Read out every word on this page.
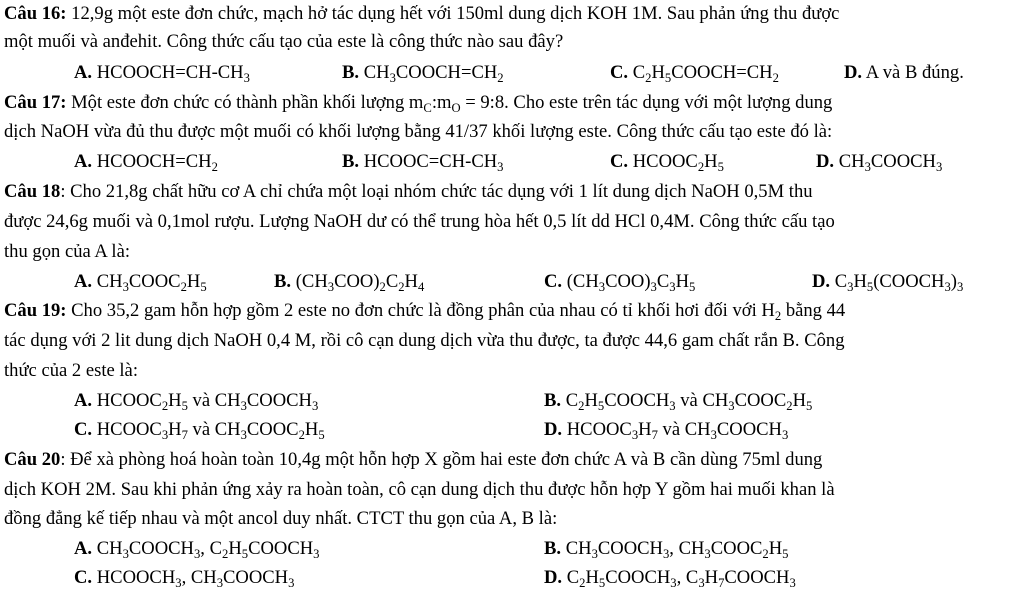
Câu 16: 12,9g một este đơn chức, mạch hở tác dụng hết với 150ml dung dịch KOH 1M. Sau phản ứng thu được
một muối và anđehit. Công thức cấu tạo của este là công thức nào sau đây?
A. $HCOOCH=CH-CH_3$	B. $CH_3COOCH=CH_2$	C. $C_2H_5COOCH=CH_2$	D. A và B đúng.
Câu 17: Một este đơn chức có thành phần khối lượng $m_C:m_O$ = 9:8. Cho este trên tác dụng với một lượng dung
dịch NaOH vừa đủ thu được một muối có khối lượng bằng 41/37 khối lượng este. Công thức cấu tạo este đó là:
A. $HCOOCH=CH_2$	B. $HCOOC=CH-CH_3$	C. $HCOOC_2H_5$	D. $CH_3COOCH_3$
Câu 18: Cho 21,8g chất hữu cơ A chỉ chứa một loại nhóm chức tác dụng với 1 lít dung dịch NaOH 0,5M thu
được 24,6g muối và 0,1mol rượu. Lượng NaOH dư có thể trung hòa hết 0,5 lít dd HCl 0,4M. Công thức cấu tạo
thu gọn của A là:
A. $CH_3COOC_2H_5$	B. $(CH_3COO)_2C_2H_4$	C. $(CH_3COO)_3C_3H_5$	D. $C_3H_5(COOCH_3)_3$
Câu 19: Cho 35,2 gam hỗn hợp gồm 2 este no đơn chức là đồng phân của nhau có tỉ khối hơi đối với $H_2$ bằng 44
tác dụng với 2 lit dung dịch NaOH 0,4 M, rồi cô cạn dung dịch vừa thu được, ta được 44,6 gam chất rắn B. Công
thức của 2 este là:
A. $HCOOC_2H_5$ và $CH_3COOCH_3$	B. $C_2H_5COOCH_3$ và $CH_3COOC_2H_5$
C. $HCOOC_3H_7$ và $CH_3COOC_2H_5$	D. $HCOOC_3H_7$ và $CH_3COOCH_3$
Câu 20: Để xà phòng hoá hoàn toàn 10,4g một hỗn hợp X gồm hai este đơn chức A và B cần dùng 75ml dung
dịch KOH 2M. Sau khi phản ứng xảy ra hoàn toàn, cô cạn dung dịch thu được hỗn hợp Y gồm hai muối khan là
đồng đẳng kế tiếp nhau và một ancol duy nhất. CTCT thu gọn của A, B là:
A. $CH_3COOCH_3$, $C_2H_5COOCH_3$	B. $CH_3COOCH_3$, $CH_3COOC_2H_5$
C. $HCOOCH_3$, $CH_3COOCH_3$	D. $C_2H_5COOCH_3$, $C_3H_7COOCH_3$
